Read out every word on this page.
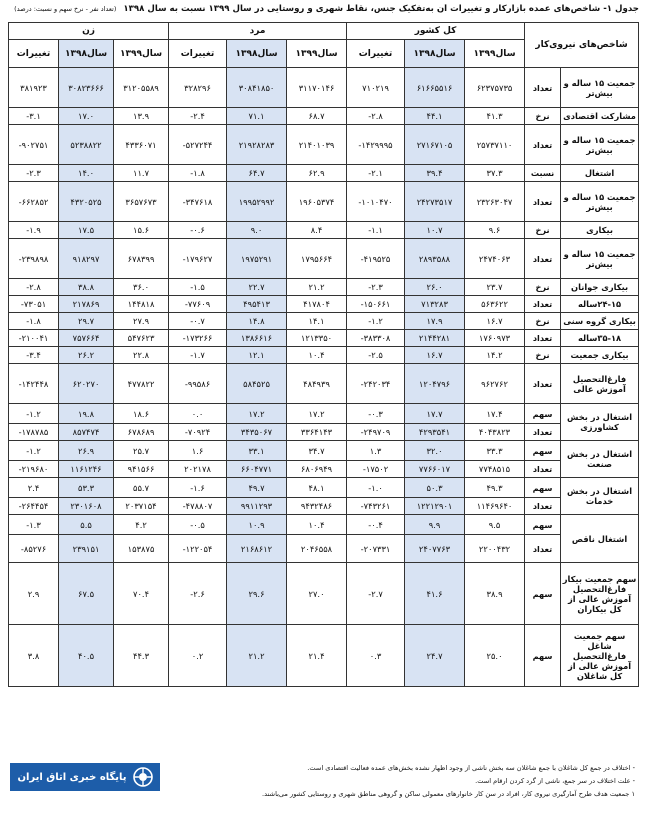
جدول ۱- شاخص‌های عمده بازارکار و تغییرات آن به‌تفکیک جنس، نقاط شهری و روستایی در سال ۱۳۹۹ نسبت به سال ۱۳۹۸ (تعداد نفر - نرخ سهم و نسبت: درصد)
شاخص‌های نیروی‌کار		کل کشور			مرد			زن		
		سال۱۳۹۹	سال۱۳۹۸	تغییرات	سال۱۳۹۹	سال۱۳۹۸	تغییرات	سال۱۳۹۹	سال۱۳۹۸	تغییرات
جمعیت ۱۵ ساله و بیش‌تر	تعداد	۶۲۳۷۵۷۳۵	۶۱۶۶۵۵۱۶	۷۱۰۲۱۹	۳۱۱۷۰۱۴۶	۳۰۸۴۱۸۵۰	۳۲۸۲۹۶	۳۱۲۰۵۵۸۹	۳۰۸۲۳۶۶۶	۳۸۱۹۲۳
مشارکت اقتصادی	نرخ	۴۱.۳	۴۴.۱	-۲.۸	۶۸.۷	۷۱.۱	-۲.۴	۱۳.۹	۱۷.۰	-۳.۱
جمعیت ۱۵ ساله و بیش‌تر	تعداد	۲۵۷۳۷۱۱۰	۲۷۱۶۷۱۰۵	-۱۴۲۹۹۹۵	۲۱۴۰۱۰۳۹	۲۱۹۲۸۲۸۳	-۵۲۷۲۴۴	۴۳۳۶۰۷۱	۵۲۳۸۸۲۲	-۹۰۲۷۵۱
اشتغال	نسبت	۳۷.۳	۳۹.۴	-۲.۱	۶۲.۹	۶۴.۷	-۱.۸	۱۱.۷	۱۴.۰	-۲.۳
جمعیت ۱۵ ساله و بیش‌تر	تعداد	۲۳۲۶۳۰۴۷	۲۴۲۷۳۵۱۷	-۱۰۱۰۴۷۰	۱۹۶۰۵۳۷۴	۱۹۹۵۲۹۹۲	-۳۴۷۶۱۸	۳۶۵۷۶۷۳	۴۳۲۰۵۲۵	-۶۶۲۸۵۲
بیکاری	نرخ	۹.۶	۱۰.۷	-۱.۱	۸.۴	۹.۰	-۰.۶	۱۵.۶	۱۷.۵	-۱.۹
جمعیت ۱۵ ساله و بیش‌تر	تعداد	۲۴۷۴۰۶۳	۲۸۹۳۵۸۸	-۴۱۹۵۲۵	۱۷۹۵۶۶۴	۱۹۷۵۲۹۱	-۱۷۹۶۲۷	۶۷۸۳۹۹	۹۱۸۲۹۷	-۲۳۹۸۹۸
بیکاری جوانان	نرخ	۲۳.۷	۲۶.۰	-۲.۳	۲۱.۲	۲۲.۷	-۱.۵	۳۶.۰	۳۸.۸	-۲.۸
۲۴-۱۵ساله	تعداد	۵۶۳۶۲۲	۷۱۳۲۸۳	-۱۵۰۶۶۱	۴۱۷۸۰۴	۴۹۵۴۱۳	-۷۷۶۰۹	۱۴۴۸۱۸	۲۱۷۸۶۹	-۷۳۰۵۱
بیکاری گروه سنی	نرخ	۱۶.۷	۱۷.۹	-۱.۲	۱۴.۱	۱۴.۸	-۰.۷	۲۷.۹	۲۹.۷	-۱.۸
۳۵-۱۸ساله	تعداد	۱۷۶۰۹۷۳	۲۱۴۴۲۸۱	-۳۸۳۳۰۸	۱۲۱۳۳۵۰	۱۳۸۶۶۱۶	-۱۷۳۲۶۶	۵۴۷۶۲۳	۷۵۷۶۶۴	-۲۱۰۰۴۱
بیکاری جمعیت	نرخ	۱۴.۲	۱۶.۷	-۲.۵	۱۰.۴	۱۲.۱	-۱.۷	۲۲.۸	۲۶.۲	-۳.۴
فارغ‌التحصیل آموزش عالی	تعداد	۹۶۲۷۶۲	۱۲۰۴۷۹۶	-۲۴۲۰۳۴	۴۸۴۹۳۹	۵۸۴۵۲۵	-۹۹۵۸۶	۴۷۷۸۲۲	۶۲۰۲۷۰	-۱۴۲۴۴۸
اشتغال در بخش کشاورزی	سهم	۱۷.۴	۱۷.۷	-۰.۳	۱۷.۲	۱۷.۲	۰.۰	۱۸.۶	۱۹.۸	-۱.۲
	تعداد	۴۰۴۳۸۲۳	۴۲۹۳۵۴۱	-۲۴۹۷۰۹	۳۳۶۴۱۴۳	۳۴۳۵۰۶۷	-۷۰۹۲۴	۶۷۸۶۸۹	۸۵۷۴۷۴	-۱۷۸۷۸۵
اشتغال در بخش صنعت	سهم	۳۳.۳	۳۲.۰	۱.۳	۳۴.۷	۳۳.۱	۱.۶	۲۵.۷	۲۶.۹	-۱.۲
	تعداد	۷۷۴۸۵۱۵	۷۷۶۶۰۱۷	-۱۷۵۰۲	۶۸۰۶۹۴۹	۶۶۰۴۷۷۱	۲۰۲۱۷۸	۹۴۱۵۶۶	۱۱۶۱۲۴۶	-۲۱۹۶۸۰
اشتغال در بخش خدمات	سهم	۴۹.۳	۵۰.۳	-۱.۰	۴۸.۱	۴۹.۷	-۱.۶	۵۵.۷	۵۳.۳	۲.۴
	تعداد	۱۱۴۶۹۶۴۰	۱۲۲۱۲۹۰۱	-۷۴۳۲۶۱	۹۴۳۲۴۸۶	۹۹۱۱۲۹۳	-۴۷۸۸۰۷	۲۰۳۷۱۵۴	۲۳۰۱۶۰۸	-۲۶۴۴۵۴
اشتغال ناقص	سهم	۹.۵	۹.۹	-۰.۴	۱۰.۴	۱۰.۹	-۰.۵	۴.۲	۵.۵	-۱.۳
	تعداد	۲۲۰۰۴۳۲	۲۴۰۷۷۶۳	-۲۰۷۳۳۱	۲۰۴۶۵۵۸	۲۱۶۸۶۱۲	-۱۲۲۰۵۴	۱۵۳۸۷۵	۲۳۹۱۵۱	-۸۵۲۷۶
سهم جمعیت بیکار فارغ‌التحصیل آموزش عالی از کل بیکاران	سهم	۳۸.۹	۴۱.۶	-۲.۷	۲۷.۰	۲۹.۶	-۲.۶	۷۰.۴	۶۷.۵	۲.۹
سهم جمعیت شاغل فارغ‌التحصیل آموزش عالی از کل شاغلان	سهم	۲۵.۰	۲۴.۷	۰.۳	۲۱.۴	۲۱.۲	۰.۲	۴۴.۳	۴۰.۵	۳.۸
پایگاه خبری اتاق ایران
- اختلاف در جمع کل شاغلان با جمع شاغلان سه بخش ناشی از وجود اظهار نشده بخش‌های عمده فعالیت اقتصادی است.
- علت اختلاف در سر جمع، ناشی از گرد کردن ارقام است.
۱ جمعیت هدف طرح آمارگیری نیروی کار، افراد در سن کار خانوارهای معمولی ساکن و گروهی مناطق شهری و روستایی کشور می‌باشند.
